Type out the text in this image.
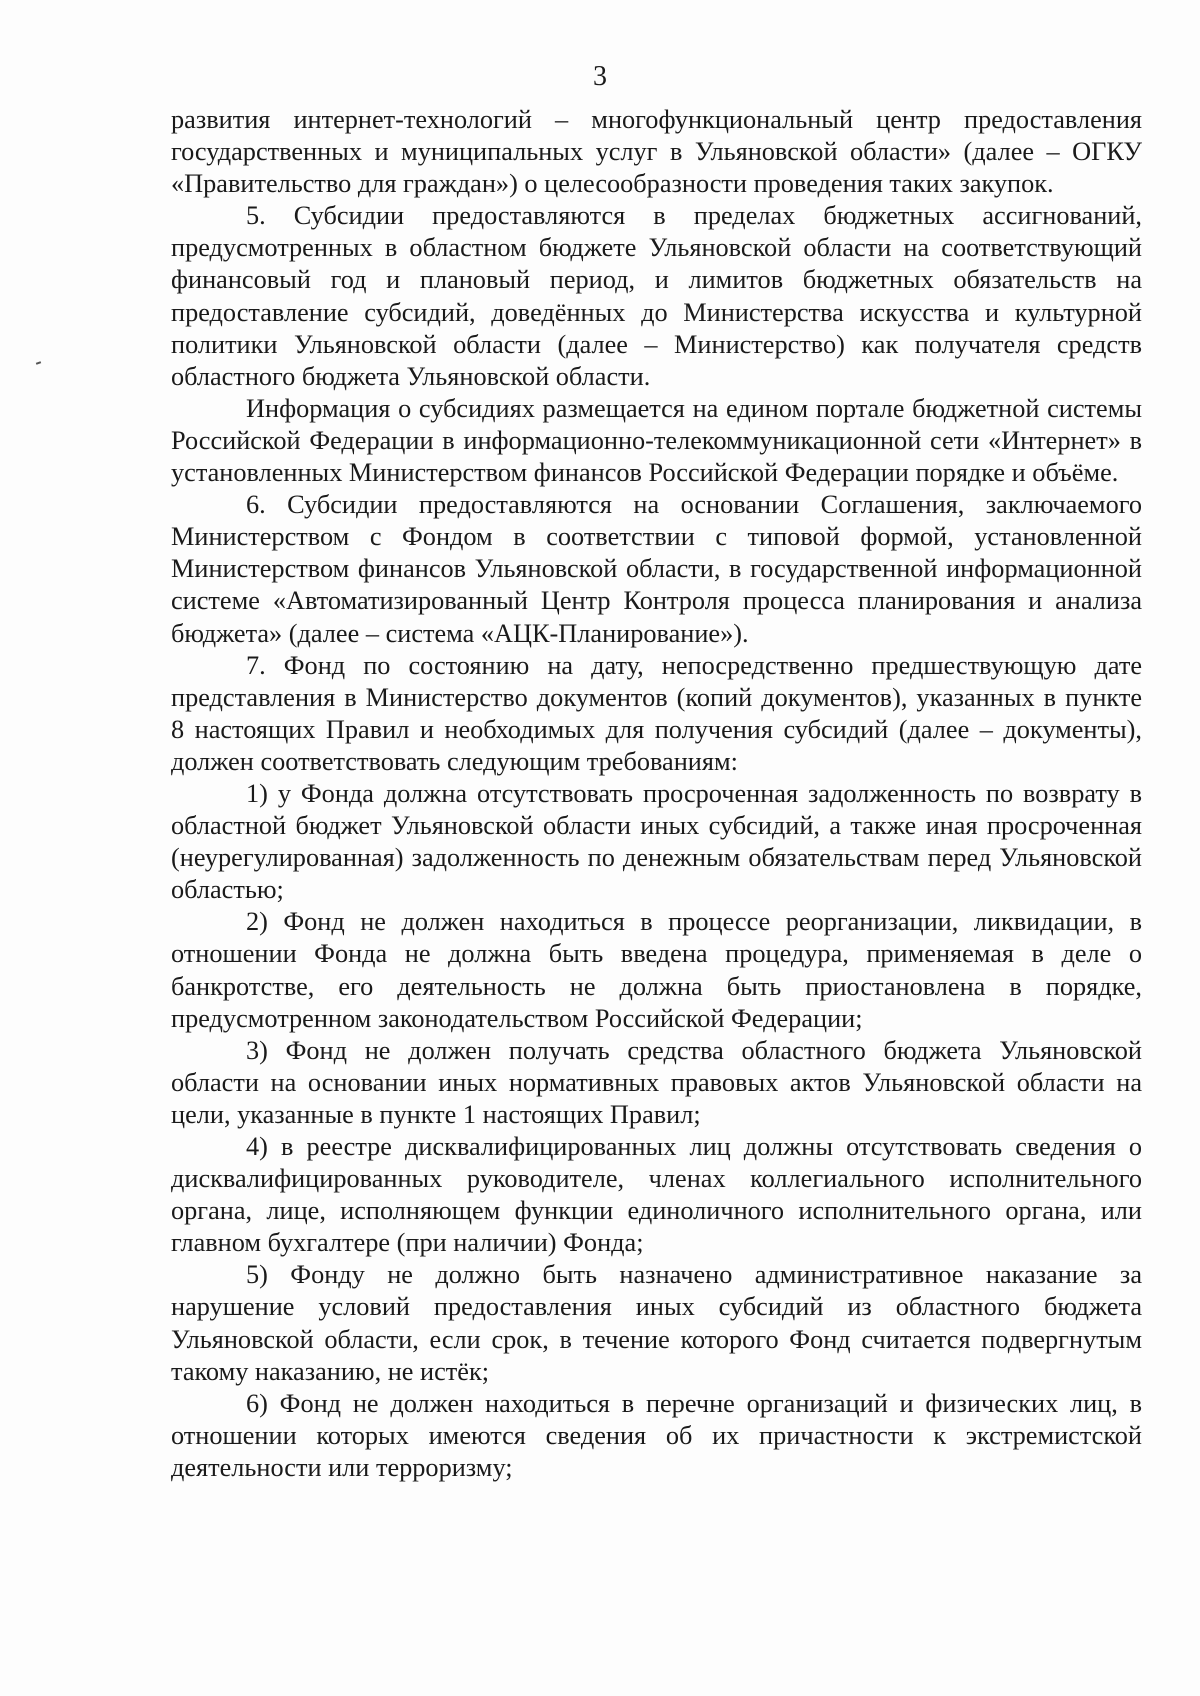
3

развития интернет-технологий – многофункциональный центр предоставления государственных и муниципальных услуг в Ульяновской области» (далее – ОГКУ «Правительство для граждан») о целесообразности проведения таких закупок.

5. Субсидии предоставляются в пределах бюджетных ассигнований, предусмотренных в областном бюджете Ульяновской области на соответствующий финансовый год и плановый период, и лимитов бюджетных обязательств на предоставление субсидий, доведённых до Министерства искусства и культурной политики Ульяновской области (далее – Министерство) как получателя средств областного бюджета Ульяновской области.

Информация о субсидиях размещается на едином портале бюджетной системы Российской Федерации в информационно-телекоммуникационной сети «Интернет» в установленных Министерством финансов Российской Федерации порядке и объёме.

6. Субсидии предоставляются на основании Соглашения, заключаемого Министерством с Фондом в соответствии с типовой формой, установленной Министерством финансов Ульяновской области, в государственной информационной системе «Автоматизированный Центр Контроля процесса планирования и анализа бюджета» (далее – система «АЦК-Планирование»).

7. Фонд по состоянию на дату, непосредственно предшествующую дате представления в Министерство документов (копий документов), указанных в пункте 8 настоящих Правил и необходимых для получения субсидий (далее – документы), должен соответствовать следующим требованиям:

1) у Фонда должна отсутствовать просроченная задолженность по возврату в областной бюджет Ульяновской области иных субсидий, а также иная просроченная (неурегулированная) задолженность по денежным обязательствам перед Ульяновской областью;

2) Фонд не должен находиться в процессе реорганизации, ликвидации, в отношении Фонда не должна быть введена процедура, применяемая в деле о банкротстве, его деятельность не должна быть приостановлена в порядке, предусмотренном законодательством Российской Федерации;

3) Фонд не должен получать средства областного бюджета Ульяновской области на основании иных нормативных правовых актов Ульяновской области на цели, указанные в пункте 1 настоящих Правил;

4) в реестре дисквалифицированных лиц должны отсутствовать сведения о дисквалифицированных руководителе, членах коллегиального исполнительного органа, лице, исполняющем функции единоличного исполнительного органа, или главном бухгалтере (при наличии) Фонда;

5) Фонду не должно быть назначено административное наказание за нарушение условий предоставления иных субсидий из областного бюджета Ульяновской области, если срок, в течение которого Фонд считается подвергнутым такому наказанию, не истёк;

6) Фонд не должен находиться в перечне организаций и физических лиц, в отношении которых имеются сведения об их причастности к экстремистской деятельности или терроризму;
